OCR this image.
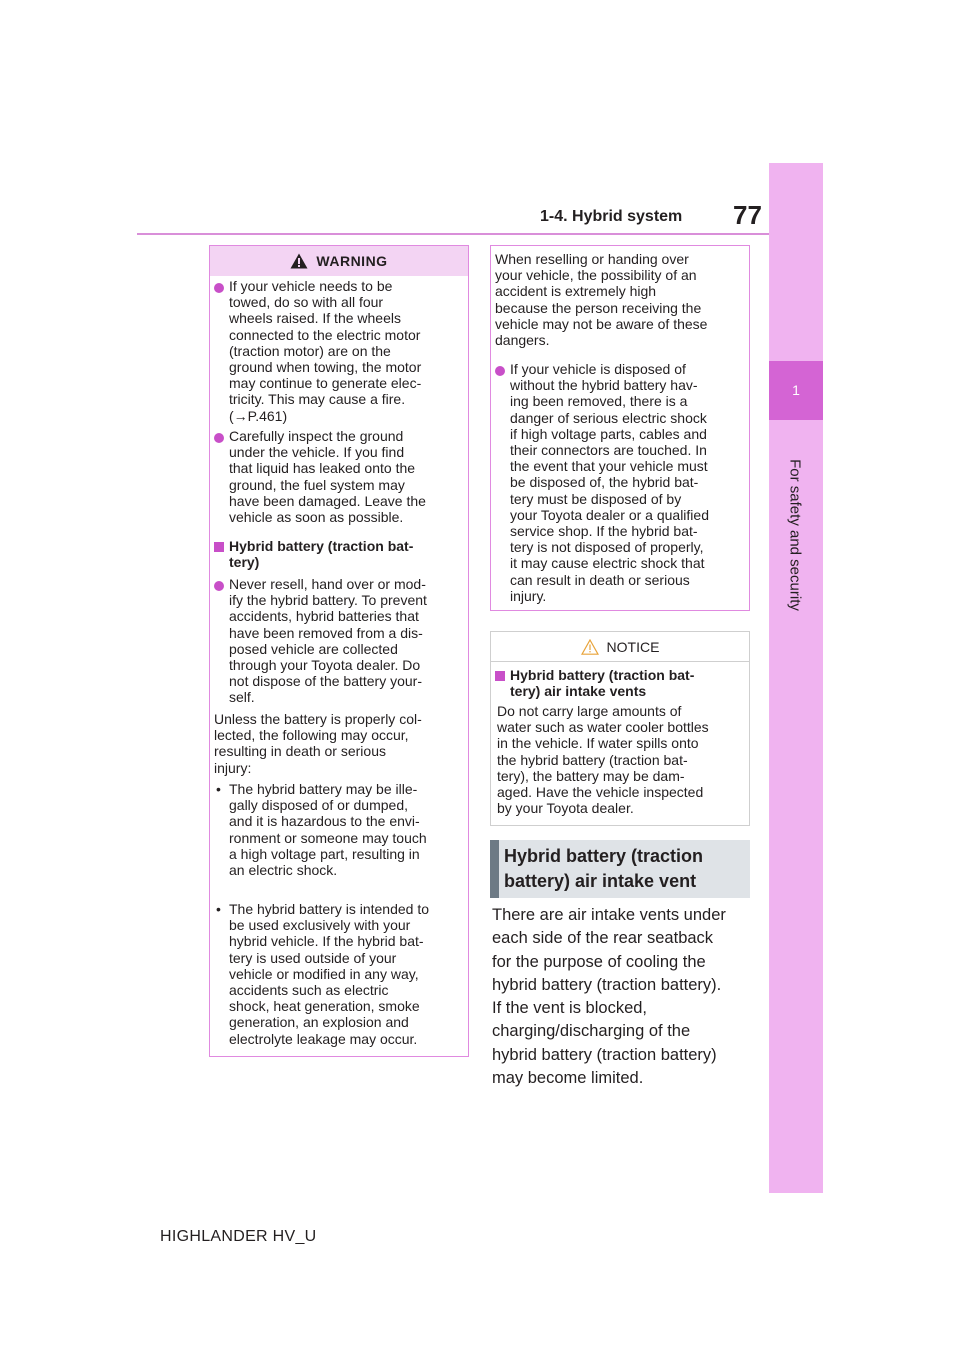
1-4. Hybrid system 77
1
For safety and security
WARNING
If your vehicle needs to be
towed, do so with all four
wheels raised. If the wheels
connected to the electric motor
(traction motor) are on the
ground when towing, the motor
may continue to generate elec-
tricity. This may cause a fire.
(→P.461)
Carefully inspect the ground
under the vehicle. If you find
that liquid has leaked onto the
ground, the fuel system may
have been damaged. Leave the
vehicle as soon as possible.
Hybrid battery (traction bat-
tery)
Never resell, hand over or mod-
ify the hybrid battery. To prevent
accidents, hybrid batteries that
have been removed from a dis-
posed vehicle are collected
through your Toyota dealer. Do
not dispose of the battery your-
self.
Unless the battery is properly col-
lected, the following may occur,
resulting in death or serious
injury:
• The hybrid battery may be ille-
gally disposed of or dumped,
and it is hazardous to the envi-
ronment or someone may touch
a high voltage part, resulting in
an electric shock.
• The hybrid battery is intended to
be used exclusively with your
hybrid vehicle. If the hybrid bat-
tery is used outside of your
vehicle or modified in any way,
accidents such as electric
shock, heat generation, smoke
generation, an explosion and
electrolyte leakage may occur.
When reselling or handing over
your vehicle, the possibility of an
accident is extremely high
because the person receiving the
vehicle may not be aware of these
dangers.
If your vehicle is disposed of
without the hybrid battery hav-
ing been removed, there is a
danger of serious electric shock
if high voltage parts, cables and
their connectors are touched. In
the event that your vehicle must
be disposed of, the hybrid bat-
tery must be disposed of by
your Toyota dealer or a qualified
service shop. If the hybrid bat-
tery is not disposed of properly,
it may cause electric shock that
can result in death or serious
injury.
NOTICE
Hybrid battery (traction bat-
tery) air intake vents
Do not carry large amounts of
water such as water cooler bottles
in the vehicle. If water spills onto
the hybrid battery (traction bat-
tery), the battery may be dam-
aged. Have the vehicle inspected
by your Toyota dealer.
Hybrid battery (traction
battery) air intake vent
There are air intake vents under
each side of the rear seatback
for the purpose of cooling the
hybrid battery (traction battery).
If the vent is blocked,
charging/discharging of the
hybrid battery (traction battery)
may become limited.
HIGHLANDER HV_U
